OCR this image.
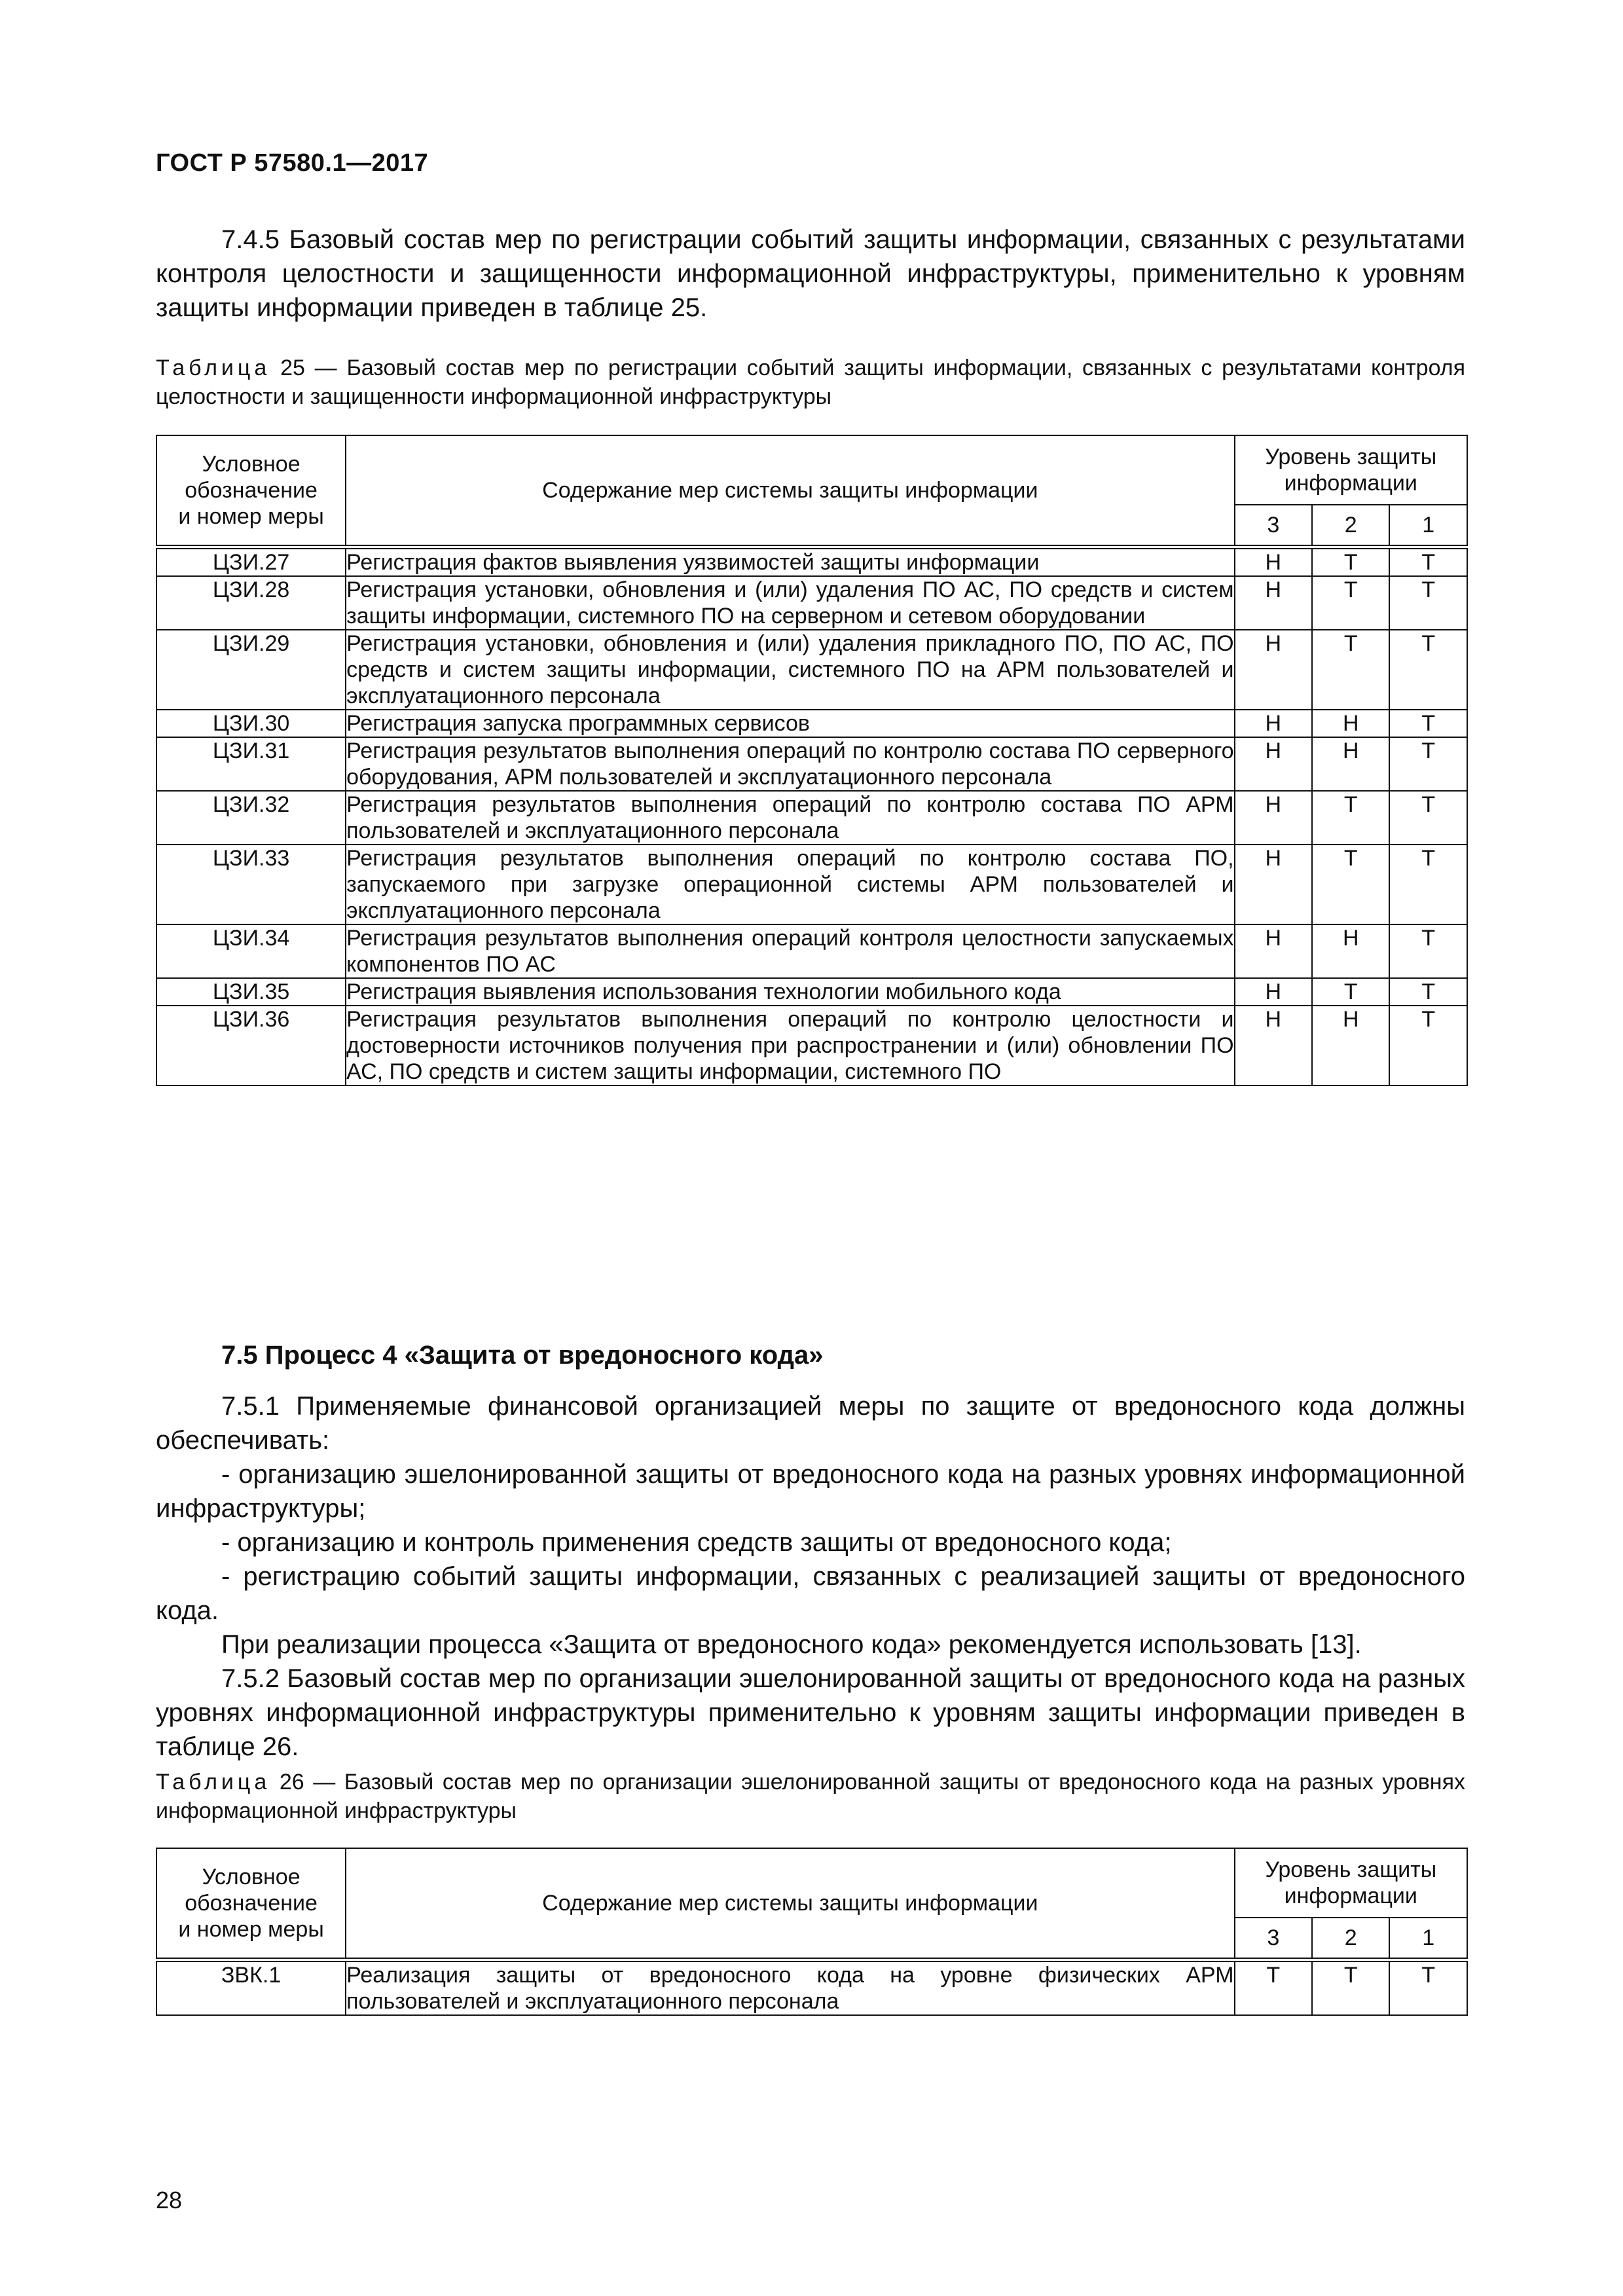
ГОСТ Р 57580.1—2017
7.4.5 Базовый состав мер по регистрации событий защиты информации, связанных с результатами контроля целостности и защищенности информационной инфраструктуры, применительно к уровням защиты информации приведен в таблице 25.
Таблица 25 — Базовый состав мер по регистрации событий защиты информации, связанных с результатами контроля целостности и защищенности информационной инфраструктуры
Условное обозначение и номер меры	Содержание мер системы защиты информации	Уровень защиты информации		
		3	2	1
ЦЗИ.27	Регистрация фактов выявления уязвимостей защиты информации	Н	Т	Т
ЦЗИ.28	Регистрация установки, обновления и (или) удаления ПО АС, ПО средств и систем защиты информации, системного ПО на серверном и сетевом оборудовании	Н	Т	Т
ЦЗИ.29	Регистрация установки, обновления и (или) удаления прикладного ПО, ПО АС, ПО средств и систем защиты информации, системного ПО на АРМ пользователей и эксплуатационного персонала	Н	Т	Т
ЦЗИ.30	Регистрация запуска программных сервисов	Н	Н	Т
ЦЗИ.31	Регистрация результатов выполнения операций по контролю состава ПО серверного оборудования, АРМ пользователей и эксплуатационного персонала	Н	Н	Т
ЦЗИ.32	Регистрация результатов выполнения операций по контролю состава ПО АРМ пользователей и эксплуатационного персонала	Н	Т	Т
ЦЗИ.33	Регистрация результатов выполнения операций по контролю состава ПО, запускаемого при загрузке операционной системы АРМ пользователей и эксплуатационного персонала	Н	Т	Т
ЦЗИ.34	Регистрация результатов выполнения операций контроля целостности запускаемых компонентов ПО АС	Н	Н	Т
ЦЗИ.35	Регистрация выявления использования технологии мобильного кода	Н	Т	Т
ЦЗИ.36	Регистрация результатов выполнения операций по контролю целостности и достоверности источников получения при распространении и (или) обновлении ПО АС, ПО средств и систем защиты информации, системного ПО	Н	Н	Т
7.5 Процесс 4 «Защита от вредоносного кода»
7.5.1 Применяемые финансовой организацией меры по защите от вредоносного кода должны обеспечивать:
- организацию эшелонированной защиты от вредоносного кода на разных уровнях информационной инфраструктуры;
- организацию и контроль применения средств защиты от вредоносного кода;
- регистрацию событий защиты информации, связанных с реализацией защиты от вредоносного кода.
При реализации процесса «Защита от вредоносного кода» рекомендуется использовать [13].
7.5.2 Базовый состав мер по организации эшелонированной защиты от вредоносного кода на разных уровнях информационной инфраструктуры применительно к уровням защиты информации приведен в таблице 26.
Таблица 26 — Базовый состав мер по организации эшелонированной защиты от вредоносного кода на разных уровнях информационной инфраструктуры
Условное обозначение и номер меры	Содержание мер системы защиты информации	Уровень защиты информации		
		3	2	1
ЗВК.1	Реализация защиты от вредоносного кода на уровне физических АРМ пользователей и эксплуатационного персонала	Т	Т	Т
28
